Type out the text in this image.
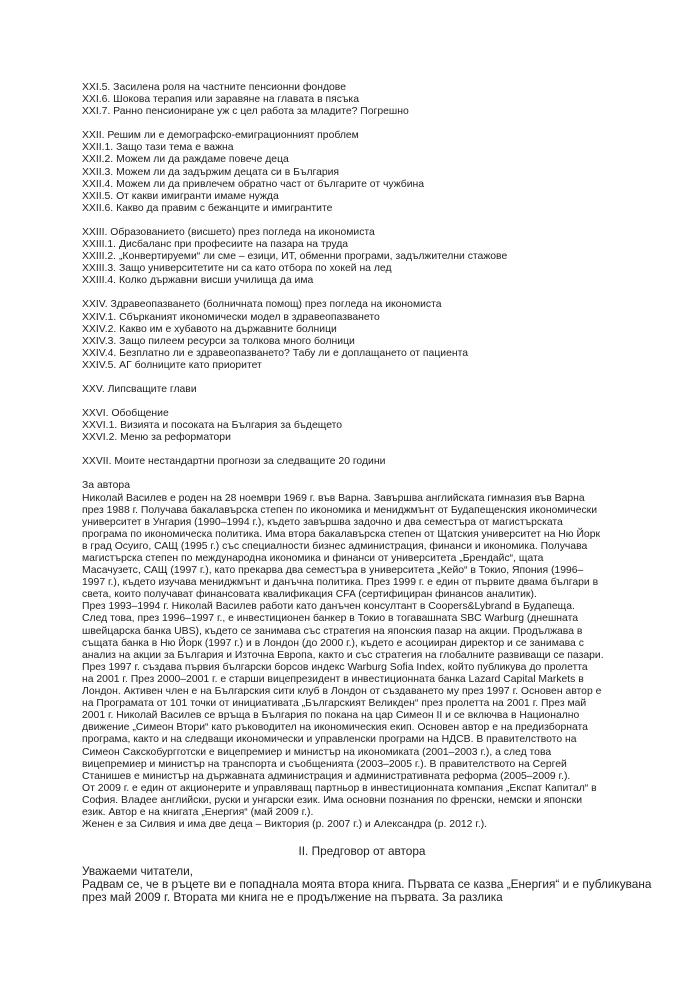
XXI.5. Засилена роля на частните пенсионни фондове
XXI.6. Шокова терапия или заравяне на главата в пясъка
XXI.7. Ранно пенсиониране уж с цел работа за младите? Погрешно
XXII. Решим ли е демографско-емиграционният проблем
XXII.1. Защо тази тема е важна
XXII.2. Можем ли да раждаме повече деца
XXII.3. Можем ли да задържим децата си в България
XXII.4. Можем ли да привлечем обратно част от българите от чужбина
XXII.5. От какви имигранти имаме нужда
XXII.6. Какво да правим с бежанците и имигрантите
XXIII. Образованието (висшето) през погледа на икономиста
XXIII.1. Дисбаланс при професиите на пазара на труда
XXIII.2. „Конвертируеми“ ли сме – езици, ИТ, обменни програми, задължителни стажове
XXIII.3. Защо университетите ни са като отбора по хокей на лед
XXIII.4. Колко държавни висши училища да има
XXIV. Здравеопазването (болничната помощ) през погледа на икономиста
XXIV.1. Сбърканият икономически модел в здравеопазването
XXIV.2. Какво им е хубавото на държавните болници
XXIV.3. Защо пилеем ресурси за толкова много болници
XXIV.4. Безплатно ли е здравеопазването? Табу ли е доплащането от пациента
XXIV.5. АГ болниците като приоритет
XXV. Липсващите глави
XXVI. Обобщение
XXVI.1. Визията и посоката на България за бъдещето
XXVI.2. Меню за реформатори
XXVII. Моите нестандартни прогнози за следващите 20 години
За автора
Николай Василев е роден на 28 ноември 1969 г. във Варна. Завършва английската гимназия във Варна
през 1988 г. Получава бакалавърска степен по икономика и мениджмънт от Будапещенския икономически
университет в Унгария (1990–1994 г.), където завършва задочно и два семестъра от магистърската
програма по икономическа политика. Има втора бакалавърска степен от Щатския университет на Ню Йорк
в град Осуиго, САЩ (1995 г.) със специалности бизнес администрация, финанси и икономика. Получава
магистърска степен по международна икономика и финанси от университета „Брендайс“, щата
Масачузетс, САЩ (1997 г.), като прекарва два семестъра в университета „Кейо“ в Токио, Япония (1996–
1997 г.), където изучава мениджмънт и данъчна политика. През 1999 г. е един от първите двама българи в
света, които получават финансовата квалификация CFA (сертифициран финансов аналитик).
През 1993–1994 г. Николай Василев работи като данъчен консултант в Coopers&Lybrand в Будапеща.
След това, през 1996–1997 г., е инвестиционен банкер в Токио в тогавашната SBC Warburg (днешната
швейцарска банка UBS), където се занимава със стратегия на японския пазар на акции. Продължава в
същата банка в Ню Йорк (1997 г.) и в Лондон (до 2000 г.), където е асоцииран директор и се занимава с
анализ на акции за България и Източна Европа, както и със стратегия на глобалните развиващи се пазари.
През 1997 г. създава първия български борсов индекс Warburg Sofia Index, който публикува до пролетта
на 2001 г. През 2000–2001 г. е старши вицепрезидент в инвестиционната банка Lazard Capital Markets в
Лондон. Активен член е на Българския сити клуб в Лондон от създаването му през 1997 г. Основен автор е
на Програмата от 101 точки от инициативата „Българският Великден“ през пролетта на 2001 г. През май
2001 г. Николай Василев се връща в България по покана на цар Симеон II и се включва в Национално
движение „Симеон Втори“ като ръководител на икономическия екип. Основен автор е на предизборната
програма, както и на следващи икономически и управленски програми на НДСВ. В правителството на
Симеон Сакскобургготски е вицепремиер и министър на икономиката (2001–2003 г.), а след това
вицепремиер и министър на транспорта и съобщенията (2003–2005 г.). В правителството на Сергей
Станишев е министър на държавната администрация и административната реформа (2005–2009 г.).
От 2009 г. е един от акционерите и управляващ партньор в инвестиционната компания „Експат Капитал“ в
София. Владее английски, руски и унгарски език. Има основни познания по френски, немски и японски
език. Автор е на книгата „Енергия“ (май 2009 г.).
Женен е за Силвия и има две деца – Виктория (р. 2007 г.) и Александра (р. 2012 г.).
II. Предговор от автора
Уважаеми читатели,
Радвам се, че в ръцете ви е попаднала моята втора книга. Първата се казва „Енергия“ и е публикувана
през май 2009 г. Втората ми книга не е продължение на първата. За разлика
